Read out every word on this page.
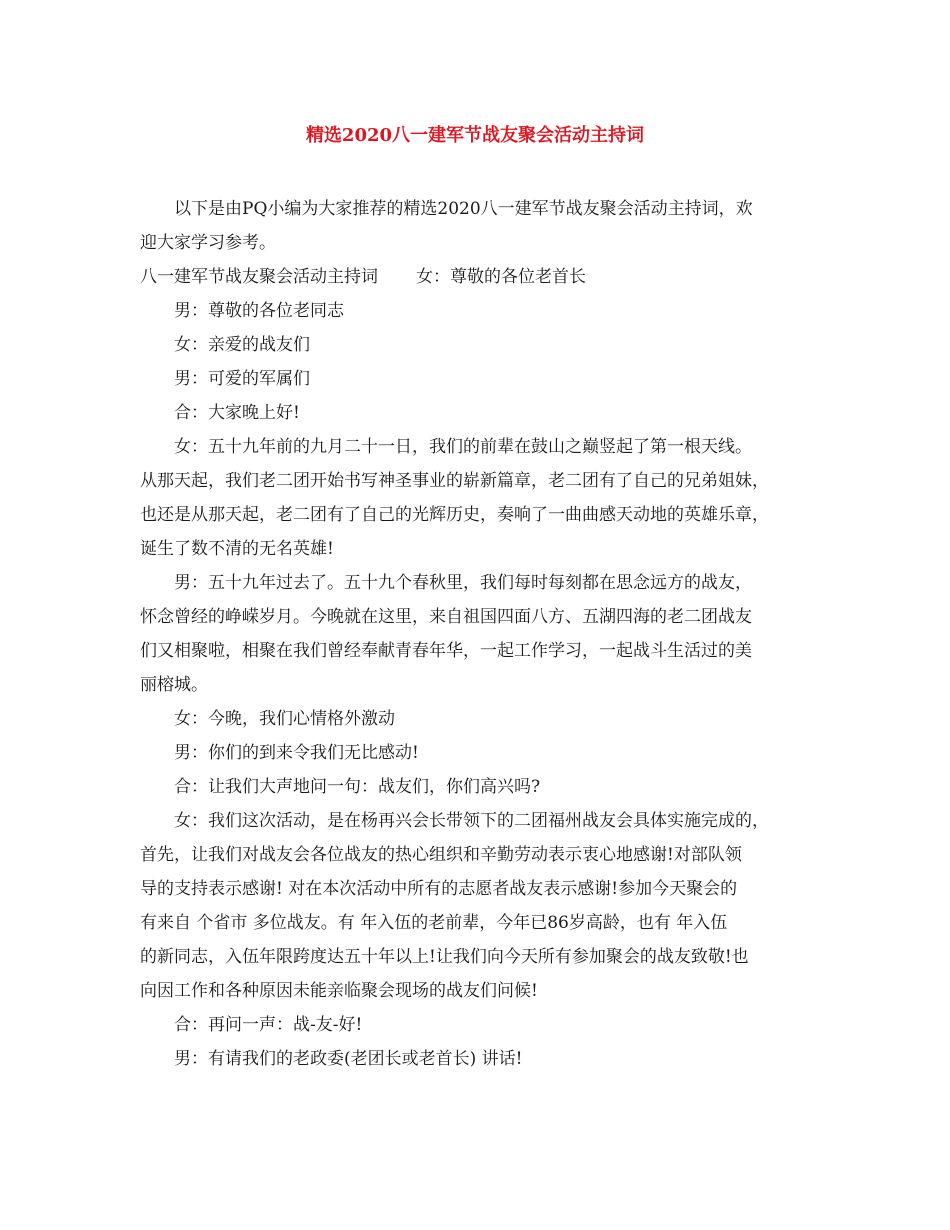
精选2020八一建军节战友聚会活动主持词
以下是由PQ小编为大家推荐的精选2020八一建军节战友聚会活动主持词，欢
迎大家学习参考。
八一建军节战友聚会活动主持词 女：尊敬的各位老首长
男：尊敬的各位老同志
女：亲爱的战友们
男：可爱的军属们
合：大家晚上好!
女：五十九年前的九月二十一日，我们的前辈在鼓山之巅竖起了第一根天线。
从那天起，我们老二团开始书写神圣事业的崭新篇章，老二团有了自己的兄弟姐妹，
也还是从那天起，老二团有了自己的光辉历史，奏响了一曲曲感天动地的英雄乐章，
诞生了数不清的无名英雄!
男：五十九年过去了。五十九个春秋里，我们每时每刻都在思念远方的战友，
怀念曾经的峥嵘岁月。今晚就在这里，来自祖国四面八方、五湖四海的老二团战友
们又相聚啦，相聚在我们曾经奉献青春年华，一起工作学习，一起战斗生活过的美
丽榕城。
女：今晚，我们心情格外激动
男：你们的到来令我们无比感动!
合：让我们大声地问一句：战友们，你们高兴吗?
女：我们这次活动，是在杨再兴会长带领下的二团福州战友会具体实施完成的，
首先，让我们对战友会各位战友的热心组织和辛勤劳动表示衷心地感谢!对部队领
导的支持表示感谢! 对在本次活动中所有的志愿者战友表示感谢!参加今天聚会的
有来自 个省市 多位战友。有 年入伍的老前辈，今年已86岁高龄，也有 年入伍
的新同志，入伍年限跨度达五十年以上!让我们向今天所有参加聚会的战友致敬!也
向因工作和各种原因未能亲临聚会现场的战友们问候!
合：再问一声：战-友-好!
男：有请我们的老政委(老团长或老首长) 讲话!
